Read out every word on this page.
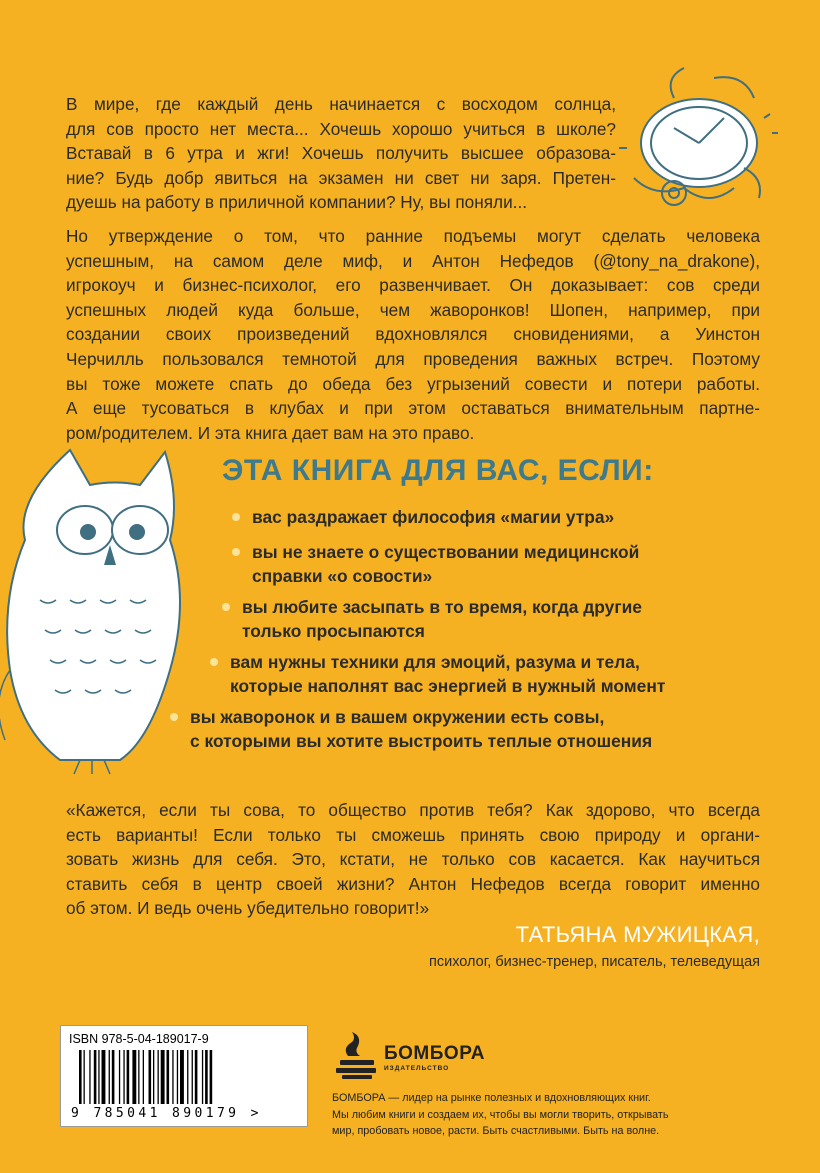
В мире, где каждый день начинается с восходом солнца,
для сов просто нет места... Хочешь хорошо учиться в школе?
Вставай в 6 утра и жги! Хочешь получить высшее образова-
ние? Будь добр явиться на экзамен ни свет ни заря. Претен-
дуешь на работу в приличной компании? Ну, вы поняли...

Но утверждение о том, что ранние подъемы могут сделать человека
успешным, на самом деле миф, и Антон Нефедов (@tony_na_drakone),
игрокоуч и бизнес-психолог, его развенчивает. Он доказывает: сов среди
успешных людей куда больше, чем жаворонков! Шопен, например, при
создании своих произведений вдохновлялся сновидениями, а Уинстон
Черчилль пользовался темнотой для проведения важных встреч. Поэтому
вы тоже можете спать до обеда без угрызений совести и потери работы.
А еще тусоваться в клубах и при этом оставаться внимательным партне-
ром/родителем. И эта книга дает вам на это право.

ЭТА КНИГА ДЛЯ ВАС, ЕСЛИ:
вас раздражает философия «магии утра»
вы не знаете о существовании медицинской
справки «о совости»
вы любите засыпать в то время, когда другие
только просыпаются
вам нужны техники для эмоций, разума и тела,
которые наполнят вас энергией в нужный момент
вы жаворонок и в вашем окружении есть совы,
с которыми вы хотите выстроить теплые отношения

«Кажется, если ты сова, то общество против тебя? Как здорово, что всегда
есть варианты! Если только ты сможешь принять свою природу и органи-
зовать жизнь для себя. Это, кстати, не только сов касается. Как научиться
ставить себя в центр своей жизни? Антон Нефедов всегда говорит именно
об этом. И ведь очень убедительно говорит!»

ТАТЬЯНА МУЖИЦКАЯ,
психолог, бизнес-тренер, писатель, телеведущая
ISBN 978-5-04-189017-9
9 785041 890179 >
БОМБОРА
ИЗДАТЕЛЬСТВО

БОМБОРА — лидер на рынке полезных и вдохновляющих книг.
Мы любим книги и создаем их, чтобы вы могли творить, открывать
мир, пробовать новое, расти. Быть счастливыми. Быть на волне.
